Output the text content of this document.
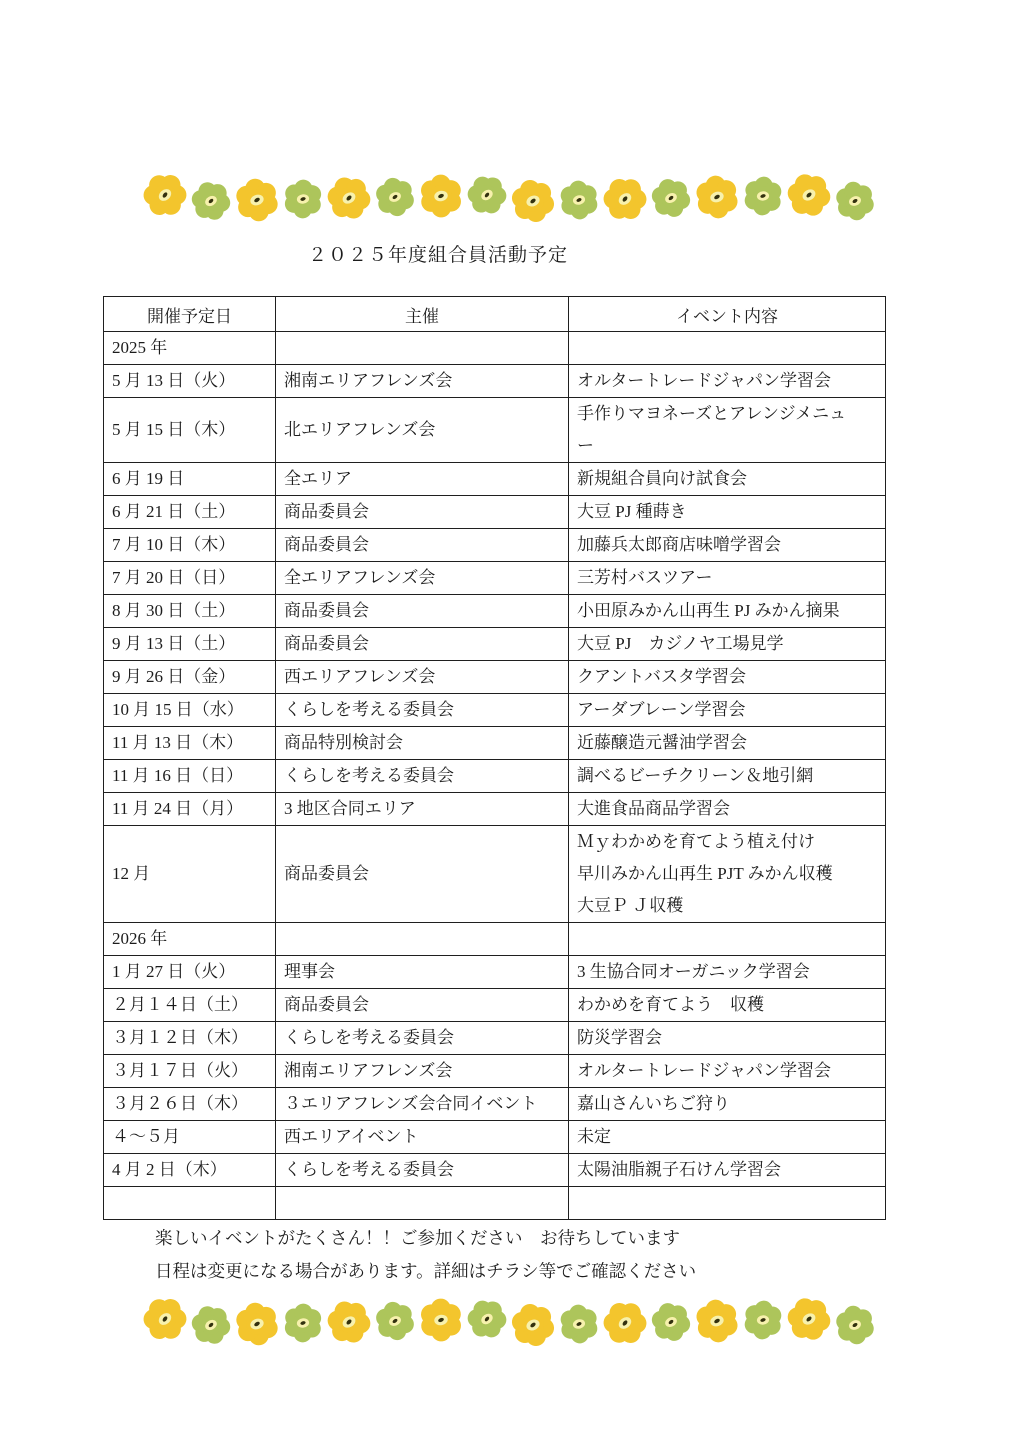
２０２５年度組合員活動予定
開催予定日	主催	イベント内容
2025 年		
5 月 13 日（火）	湘南エリアフレンズ会	オルタートレードジャパン学習会

5 月 15 日（木）	北エリアフレンズ会	手作りマヨネーズとアレンジメニュ
ー

6 月 19 日	全エリア	新規組合員向け試食会

6 月 21 日（土）	商品委員会	大豆 PJ 種蒔き

7 月 10 日（木）	商品委員会	加藤兵太郎商店味噌学習会

7 月 20 日（日）	全エリアフレンズ会	三芳村バスツアー

8 月 30 日（土）	商品委員会	小田原みかん山再生 PJ みかん摘果

9 月 13 日（土）	商品委員会	大豆 PJ　カジノヤ工場見学

9 月 26 日（金）	西エリアフレンズ会	クアントバスタ学習会

10 月 15 日（水）	くらしを考える委員会	アーダブレーン学習会

11 月 13 日（木）	商品特別検討会	近藤醸造元醤油学習会

11 月 16 日（日）	くらしを考える委員会	調べるビーチクリーン＆地引網

11 月 24 日（月）	3 地区合同エリア	大進食品商品学習会

12 月	商品委員会	Ｍｙわかめを育てよう植え付け
早川みかん山再生 PJT みかん収穫
大豆Ｐ Ｊ収穫

2026 年		
1 月 27 日（火）	理事会	3 生協合同オーガニック学習会

２月１４日（土）	商品委員会	わかめを育てよう　収穫

３月１２日（木）	くらしを考える委員会	防災学習会

３月１７日（火）	湘南エリアフレンズ会	オルタートレードジャパン学習会

３月２６日（木）	３エリアフレンズ会合同イベント	嘉山さんいちご狩り

４～５月	西エリアイベント	未定

4 月 2 日（木）	くらしを考える委員会	太陽油脂親子石けん学習会

楽しいイベントがたくさん！！ご参加ください　お待ちしています
日程は変更になる場合があります。詳細はチラシ等でご確認ください
